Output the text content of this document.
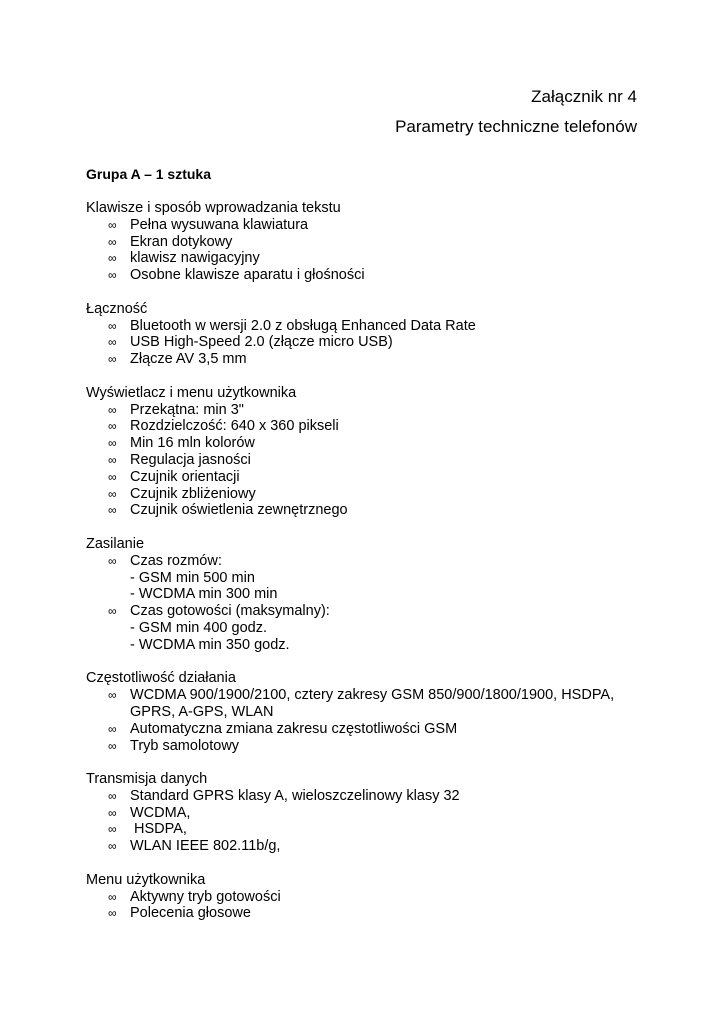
Załącznik nr 4
Parametry techniczne telefonów
Grupa A – 1 sztuka
Klawisze i sposób wprowadzania tekstu
∞ Pełna wysuwana klawiatura
∞ Ekran dotykowy
∞ klawisz nawigacyjny
∞ Osobne klawisze aparatu i głośności
Łączność
∞ Bluetooth w wersji 2.0 z obsługą Enhanced Data Rate
∞ USB High-Speed 2.0 (złącze micro USB)
∞ Złącze AV 3,5 mm
Wyświetlacz i menu użytkownika
∞ Przekątna: min 3"
∞ Rozdzielczość: 640 x 360 pikseli
∞ Min 16 mln kolorów
∞ Regulacja jasności
∞ Czujnik orientacji
∞ Czujnik zbliżeniowy
∞ Czujnik oświetlenia zewnętrznego
Zasilanie
∞ Czas rozmów:
- GSM min 500 min
- WCDMA min 300 min
∞ Czas gotowości (maksymalny):
- GSM min 400 godz.
- WCDMA min 350 godz.
Częstotliwość działania
∞ WCDMA 900/1900/2100, cztery zakresy GSM 850/900/1800/1900, HSDPA,
GPRS, A-GPS, WLAN
∞ Automatyczna zmiana zakresu częstotliwości GSM
∞ Tryb samolotowy
Transmisja danych
∞ Standard GPRS klasy A, wieloszczelinowy klasy 32
∞ WCDMA,
∞ HSDPA,
∞ WLAN IEEE 802.11b/g,
Menu użytkownika
∞ Aktywny tryb gotowości
∞ Polecenia głosowe
